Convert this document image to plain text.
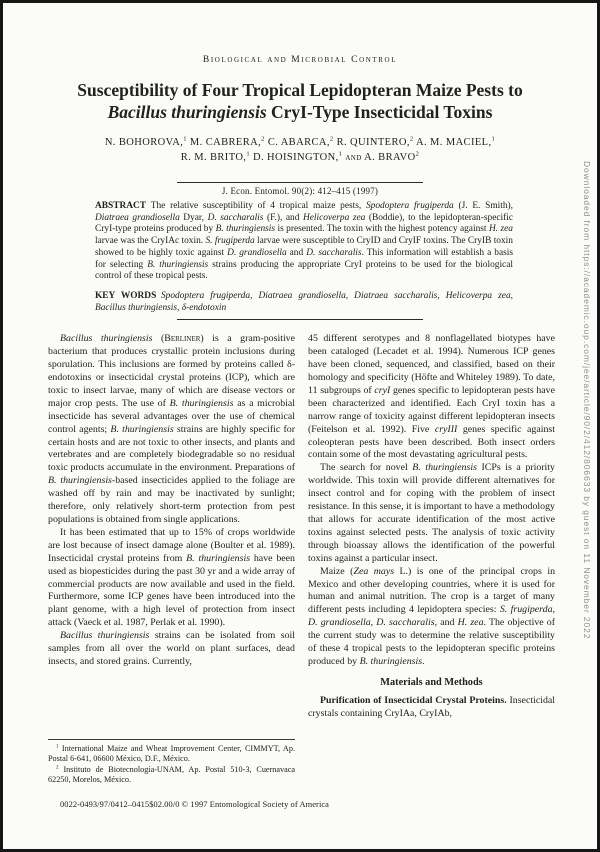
Biological and Microbial Control
Susceptibility of Four Tropical Lepidopteran Maize Pests to
Bacillus thuringiensis CryI-Type Insecticidal Toxins
N. BOHOROVA,$^1$ M. CABRERA,$^2$ C. ABARCA,$^2$ R. QUINTERO,$^2$ A. M. MACIEL,$^1$
R. M. BRITO,$^1$ D. HOISINGTON,$^1$ and A. BRAVO$^2$
J. Econ. Entomol. 90(2): 412–415 (1997)

ABSTRACT The relative susceptibility of 4 tropical maize pests, Spodoptera frugiperda (J. E. Smith), Diatraea grandiosella Dyar, D. saccharalis (F.), and Helicoverpa zea (Boddie), to the lepidopteran-specific CryI-type proteins produced by B. thuringiensis is presented. The toxin with the highest potency against H. zea larvae was the CryIAc toxin. S. frugiperda larvae were susceptible to CryID and CryIF toxins. The CryIB toxin showed to be highly toxic against D. grandiosella and D. saccharalis. This information will establish a basis for selecting B. thuringiensis strains producing the appropriate CryI proteins to be used for the biological control of these tropical pests.

KEY WORDS  Spodoptera frugiperda, Diatraea grandiosella, Diatraea saccharalis, Helicoverpa zea, Bacillus thuringiensis, δ-endotoxin

Bacillus thuringiensis (Berliner) is a gram-positive bacterium that produces crystallic protein inclusions during sporulation. This inclusions are formed by proteins called δ-endotoxins or insecticidal crystal proteins (ICP), which are toxic to insect larvae, many of which are disease vectors or major crop pests. The use of B. thuringiensis as a microbial insecticide has several advantages over the use of chemical control agents; B. thuringiensis strains are highly specific for certain hosts and are not toxic to other insects, and plants and vertebrates and are completely biodegradable so no residual toxic products accumulate in the environment. Preparations of B. thuringiensis-based insecticides applied to the foliage are washed off by rain and may be inactivated by sunlight; therefore, only relatively short-term protection from pest populations is obtained from single applications.

It has been estimated that up to 15% of crops worldwide are lost because of insect damage alone (Boulter et al. 1989). Insecticidal crystal proteins from B. thuringiensis have been used as biopesticides during the past 30 yr and a wide array of commercial products are now available and used in the field. Furthermore, some ICP genes have been introduced into the plant genome, with a high level of protection from insect attack (Vaeck et al. 1987, Perlak et al. 1990).

Bacillus thuringiensis strains can be isolated from soil samples from all over the world on plant surfaces, dead insects, and stored grains. Currently,

$^1$ International Maize and Wheat Improvement Center, CIMMYT, Ap. Postal 6-641, 06600 México, D.F., México.

$^2$ Instituto de Biotecnología-UNAM, Ap. Postal 510-3, Cuernavaca 62250, Morelos, México.

45 different serotypes and 8 nonflagellated biotypes have been cataloged (Lecadet et al. 1994). Numerous ICP genes have been cloned, sequenced, and classified, based on their homology and specificity (Höfte and Whiteley 1989). To date, 11 subgroups of cryI genes specific to lepidopteran pests have been characterized and identified. Each CryI toxin has a narrow range of toxicity against different lepidopteran insects (Feitelson et al. 1992). Five cryIII genes specific against coleopteran pests have been described. Both insect orders contain some of the most devastating agricultural pests.

The search for novel B. thuringiensis ICPs is a priority worldwide. This toxin will provide different alternatives for insect control and for coping with the problem of insect resistance. In this sense, it is important to have a methodology that allows for accurate identification of the most active toxins against selected pests. The analysis of toxic activity through bioassay allows the identification of the powerful toxins against a particular insect.

Maize (Zea mays L.) is one of the principal crops in Mexico and other developing countries, where it is used for human and animal nutrition. The crop is a target of many different pests including 4 lepidoptera species: S. frugiperda, D. grandiosella, D. saccharalis, and H. zea. The objective of the current study was to determine the relative susceptibility of these 4 tropical pests to the lepidopteran specific proteins produced by B. thuringiensis.

Materials and Methods

Purification of Insecticidal Crystal Proteins. Insecticidal crystals containing CryIAa, CryIAb,

0022-0493/97/0412–0415$02.00/0 © 1997 Entomological Society of America
Downloaded from https://academic.oup.com/jee/article/90/2/412/806633 by guest on 11 November 2022
